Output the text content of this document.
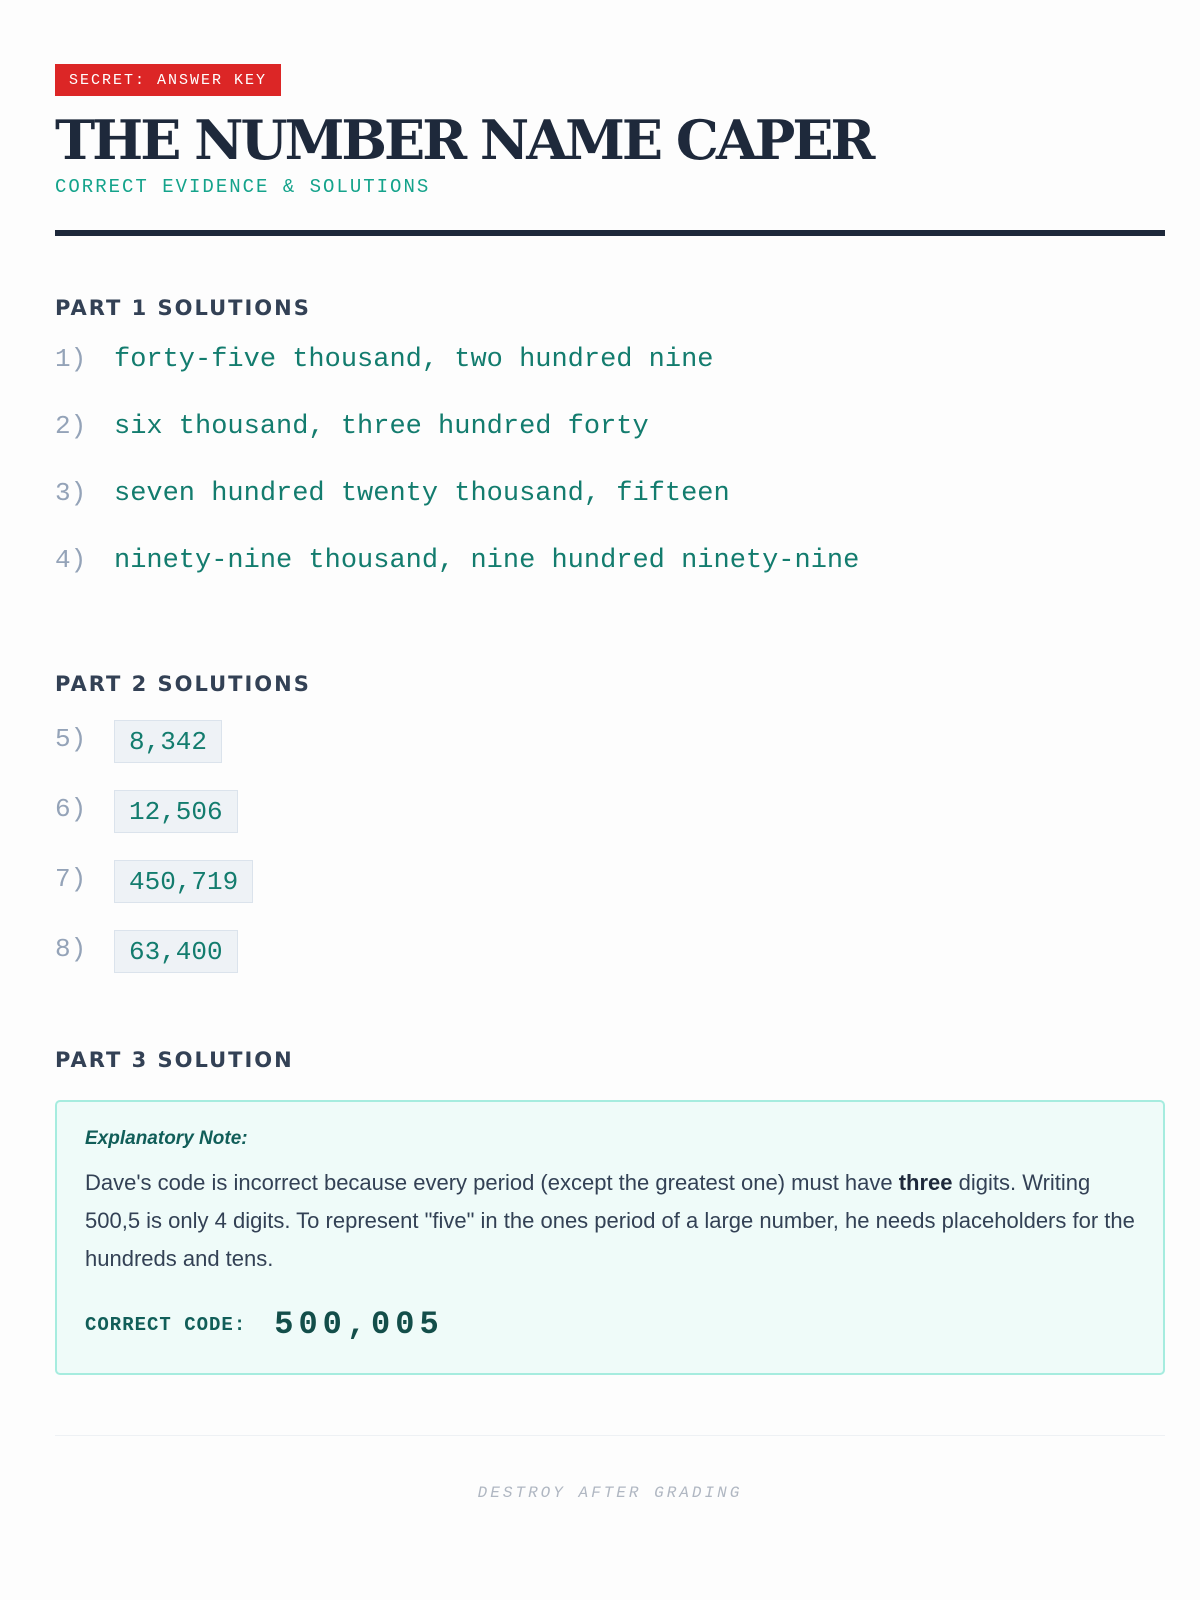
SECRET: ANSWER KEY
THE NUMBER NAME CAPER
CORRECT EVIDENCE & SOLUTIONS
PART 1 SOLUTIONS
1)	forty-five thousand, two hundred nine
2)	six thousand, three hundred forty
3)	seven hundred twenty thousand, fifteen
4)	ninety-nine thousand, nine hundred ninety-nine
PART 2 SOLUTIONS
5)	8,342
6)	12,506
7)	450,719
8)	63,400
PART 3 SOLUTION
Explanatory Note:
Dave's code is incorrect because every period (except the greatest one) must have three digits. Writing 500,5 is only 4 digits. To represent "five" in the ones period of a large number, he needs placeholders for the hundreds and tens.
CORRECT CODE: 500,005
DESTROY AFTER GRADING
